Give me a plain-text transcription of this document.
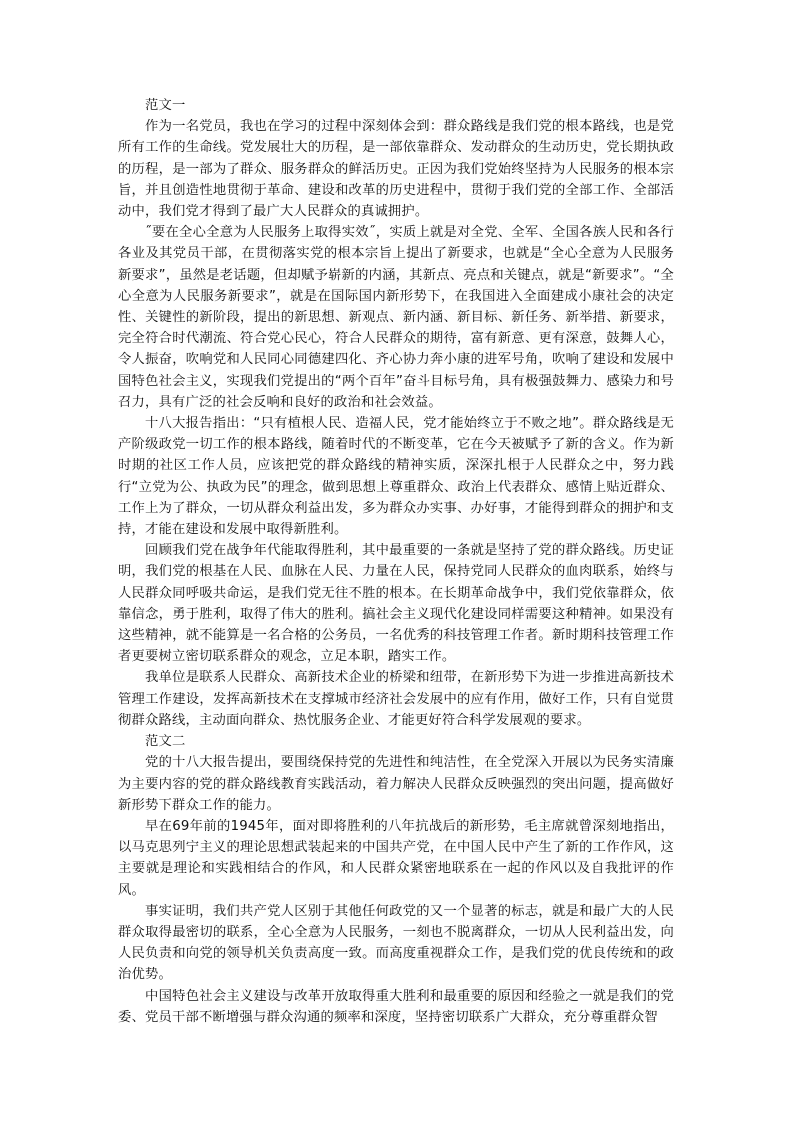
范文一

作为一名党员，我也在学习的过程中深刻体会到：群众路线是我们党的根本路线，也是党所有工作的生命线。党发展壮大的历程，是一部依靠群众、发动群众的生动历史，党长期执政的历程，是一部为了群众、服务群众的鲜活历史。正因为我们党始终坚持为人民服务的根本宗旨，并且创造性地贯彻于革命、建设和改革的历史进程中，贯彻于我们党的全部工作、全部活动中，我们党才得到了最广大人民群众的真诚拥护。

˝要在全心全意为人民服务上取得实效˝，实质上就是对全党、全军、全国各族人民和各行各业及其党员干部，在贯彻落实党的根本宗旨上提出了新要求，也就是“全心全意为人民服务新要求”，虽然是老话题，但却赋予崭新的内涵，其新点、亮点和关键点，就是“新要求”。“全心全意为人民服务新要求”，就是在国际国内新形势下，在我国进入全面建成小康社会的决定性、关键性的新阶段，提出的新思想、新观点、新内涵、新目标、新任务、新举措、新要求，完全符合时代潮流、符合党心民心，符合人民群众的期待，富有新意、更有深意，鼓舞人心，令人振奋，吹响党和人民同心同德建四化、齐心协力奔小康的进军号角，吹响了建设和发展中国特色社会主义，实现我们党提出的“两个百年”奋斗目标号角，具有极强鼓舞力、感染力和号召力，具有广泛的社会反响和良好的政治和社会效益。

十八大报告指出：“只有植根人民、造福人民，党才能始终立于不败之地”。群众路线是无产阶级政党一切工作的根本路线，随着时代的不断变革，它在今天被赋予了新的含义。作为新时期的社区工作人员，应该把党的群众路线的精神实质，深深扎根于人民群众之中，努力践行“立党为公、执政为民”的理念，做到思想上尊重群众、政治上代表群众、感情上贴近群众、工作上为了群众，一切从群众利益出发，多为群众办实事、办好事，才能得到群众的拥护和支持，才能在建设和发展中取得新胜利。

回顾我们党在战争年代能取得胜利，其中最重要的一条就是坚持了党的群众路线。历史证明，我们党的根基在人民、血脉在人民、力量在人民，保持党同人民群众的血肉联系，始终与人民群众同呼吸共命运，是我们党无往不胜的根本。在长期革命战争中，我们党依靠群众，依靠信念，勇于胜利，取得了伟大的胜利。搞社会主义现代化建设同样需要这种精神。如果没有这些精神，就不能算是一名合格的公务员，一名优秀的科技管理工作者。新时期科技管理工作者更要树立密切联系群众的观念，立足本职，踏实工作。

我单位是联系人民群众、高新技术企业的桥梁和纽带，在新形势下为进一步推进高新技术管理工作建设，发挥高新技术在支撑城市经济社会发展中的应有作用，做好工作，只有自觉贯彻群众路线，主动面向群众、热忱服务企业、才能更好符合科学发展观的要求。

范文二

党的十八大报告提出，要围绕保持党的先进性和纯洁性，在全党深入开展以为民务实清廉为主要内容的党的群众路线教育实践活动，着力解决人民群众反映强烈的突出问题，提高做好新形势下群众工作的能力。

早在69年前的1945年，面对即将胜利的八年抗战后的新形势，毛主席就曾深刻地指出，以马克思列宁主义的理论思想武装起来的中国共产党，在中国人民中产生了新的工作作风，这主要就是理论和实践相结合的作风，和人民群众紧密地联系在一起的作风以及自我批评的作风。

事实证明，我们共产党人区别于其他任何政党的又一个显著的标志，就是和最广大的人民群众取得最密切的联系，全心全意为人民服务，一刻也不脱离群众，一切从人民利益出发，向人民负责和向党的领导机关负责高度一致。而高度重视群众工作，是我们党的优良传统和的政治优势。

中国特色社会主义建设与改革开放取得重大胜利和最重要的原因和经验之一就是我们的党委、党员干部不断增强与群众沟通的频率和深度，坚持密切联系广大群众，充分尊重群众智
